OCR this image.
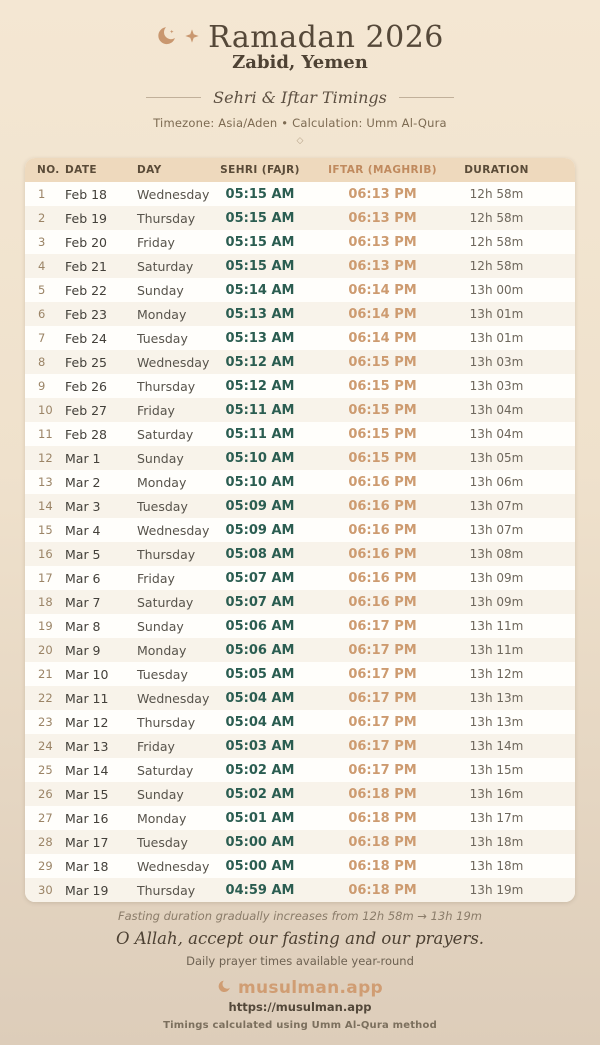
Ramadan 2026
Zabid, Yemen
Sehri & Iftar Timings
Timezone: Asia/Aden • Calculation: Umm Al-Qura
◇
NO.	DATE	DAY	SEHRI (FAJR)	IFTAR (MAGHRIB)	DURATION
1	Feb 18	Wednesday	05:15 AM	06:13 PM	12h 58m
2	Feb 19	Thursday	05:15 AM	06:13 PM	12h 58m
3	Feb 20	Friday	05:15 AM	06:13 PM	12h 58m
4	Feb 21	Saturday	05:15 AM	06:13 PM	12h 58m
5	Feb 22	Sunday	05:14 AM	06:14 PM	13h 00m
6	Feb 23	Monday	05:13 AM	06:14 PM	13h 01m
7	Feb 24	Tuesday	05:13 AM	06:14 PM	13h 01m
8	Feb 25	Wednesday	05:12 AM	06:15 PM	13h 03m
9	Feb 26	Thursday	05:12 AM	06:15 PM	13h 03m
10	Feb 27	Friday	05:11 AM	06:15 PM	13h 04m
11	Feb 28	Saturday	05:11 AM	06:15 PM	13h 04m
12	Mar 1	Sunday	05:10 AM	06:15 PM	13h 05m
13	Mar 2	Monday	05:10 AM	06:16 PM	13h 06m
14	Mar 3	Tuesday	05:09 AM	06:16 PM	13h 07m
15	Mar 4	Wednesday	05:09 AM	06:16 PM	13h 07m
16	Mar 5	Thursday	05:08 AM	06:16 PM	13h 08m
17	Mar 6	Friday	05:07 AM	06:16 PM	13h 09m
18	Mar 7	Saturday	05:07 AM	06:16 PM	13h 09m
19	Mar 8	Sunday	05:06 AM	06:17 PM	13h 11m
20	Mar 9	Monday	05:06 AM	06:17 PM	13h 11m
21	Mar 10	Tuesday	05:05 AM	06:17 PM	13h 12m
22	Mar 11	Wednesday	05:04 AM	06:17 PM	13h 13m
23	Mar 12	Thursday	05:04 AM	06:17 PM	13h 13m
24	Mar 13	Friday	05:03 AM	06:17 PM	13h 14m
25	Mar 14	Saturday	05:02 AM	06:17 PM	13h 15m
26	Mar 15	Sunday	05:02 AM	06:18 PM	13h 16m
27	Mar 16	Monday	05:01 AM	06:18 PM	13h 17m
28	Mar 17	Tuesday	05:00 AM	06:18 PM	13h 18m
29	Mar 18	Wednesday	05:00 AM	06:18 PM	13h 18m
30	Mar 19	Thursday	04:59 AM	06:18 PM	13h 19m
Fasting duration gradually increases from 12h 58m → 13h 19m
O Allah, accept our fasting and our prayers.
Daily prayer times available year-round
musulman.app
https://musulman.app
Timings calculated using Umm Al-Qura method
